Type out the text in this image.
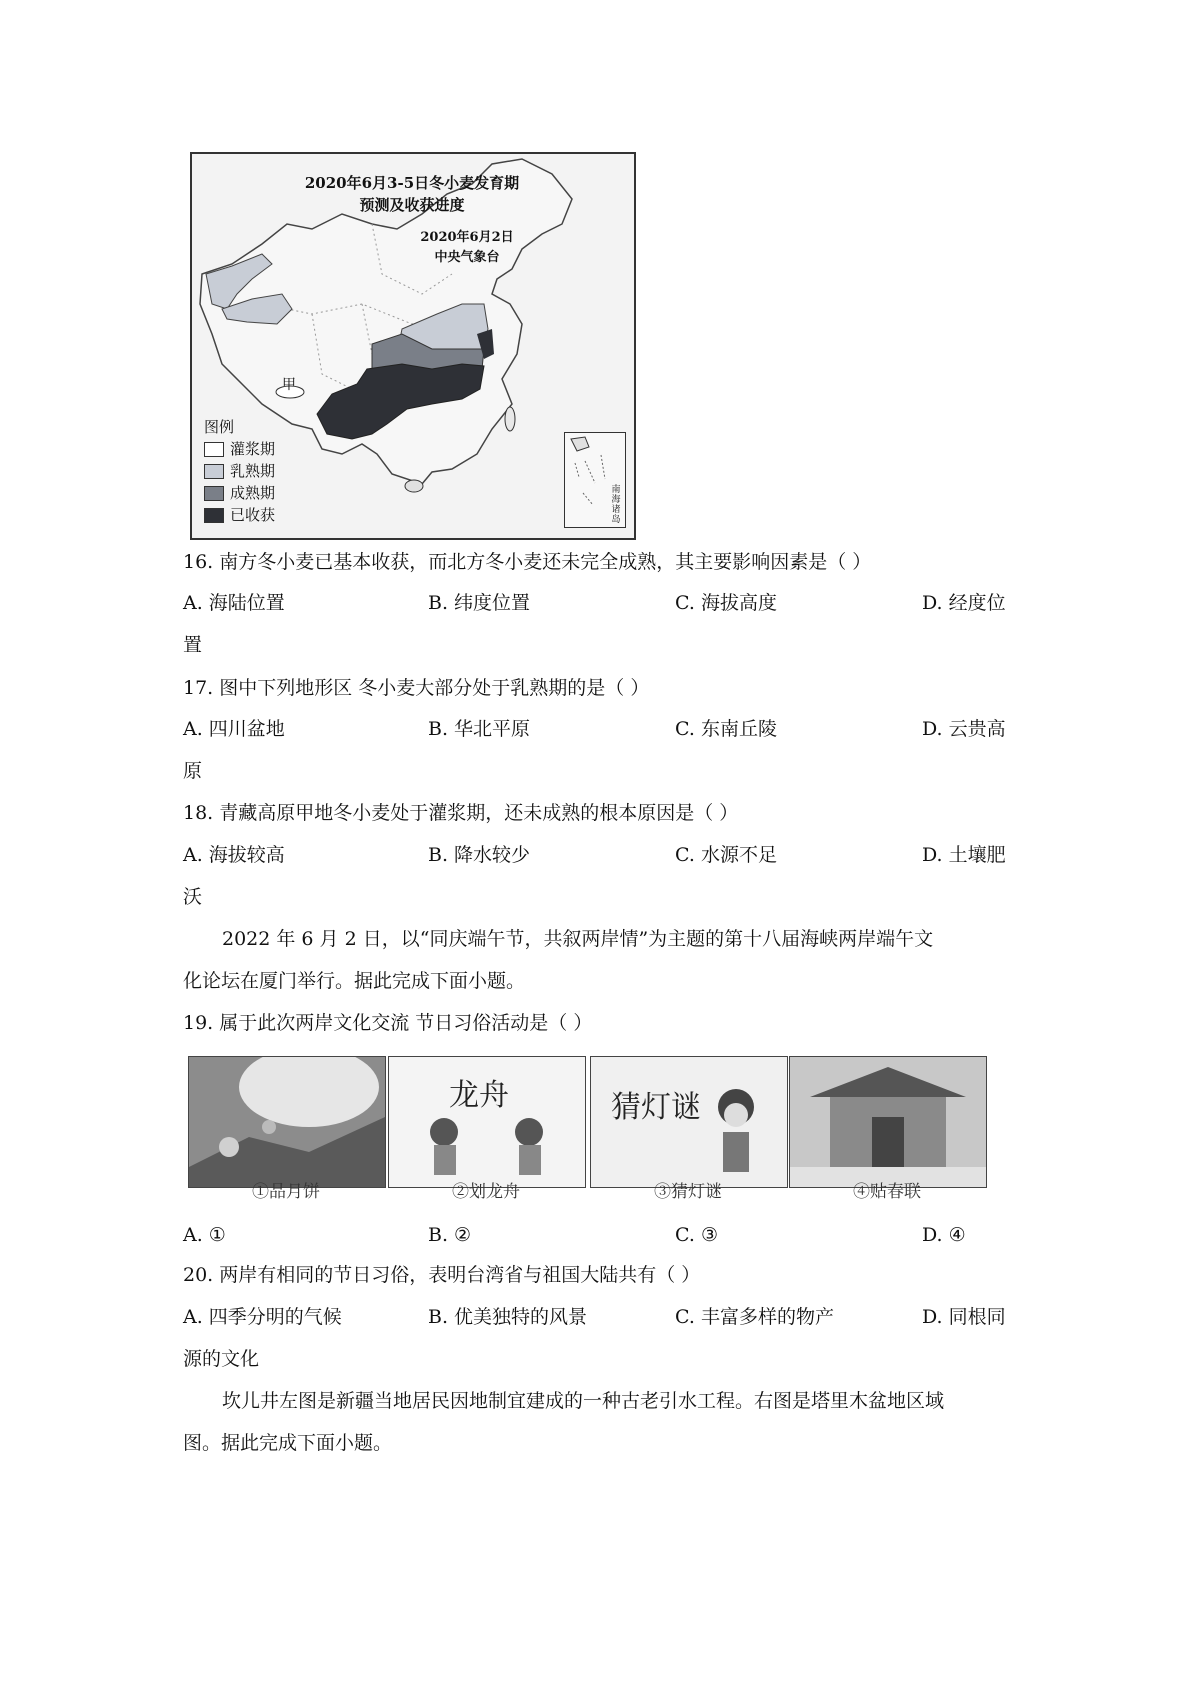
2020年6月3-5日冬小麦发育期
预测及收获进度
2020年6月2日
中央气象台
甲
图例
灌浆期
乳熟期
成熟期
已收获
南海诸岛
16. 南方冬小麦已基本收获，而北方冬小麦还未完全成熟，其主要影响因素是（ ）
A. 海陆位置	B. 纬度位置	C. 海拔高度	D. 经度位
置
17. 图中下列地形区 冬小麦大部分处于乳熟期的是（ ）
A. 四川盆地	B. 华北平原	C. 东南丘陵	D. 云贵高
原
18. 青藏高原甲地冬小麦处于灌浆期，还未成熟的根本原因是（ ）
A. 海拔较高	B. 降水较少	C. 水源不足	D. 土壤肥
沃
2022 年 6 月 2 日，以“同庆端午节，共叙两岸情”为主题的第十八届海峡两岸端午文
化论坛在厦门举行。据此完成下面小题。
19. 属于此次两岸文化交流 节日习俗活动是（ ）
龙舟	猜灯谜
①品月饼	②划龙舟	③猜灯谜	④贴春联
A. ①	B. ②	C. ③	D. ④
20. 两岸有相同的节日习俗，表明台湾省与祖国大陆共有（ ）
A. 四季分明的气候	B. 优美独特的风景	C. 丰富多样的物产	D. 同根同
源的文化
坎儿井左图是新疆当地居民因地制宜建成的一种古老引水工程。右图是塔里木盆地区域
图。据此完成下面小题。
